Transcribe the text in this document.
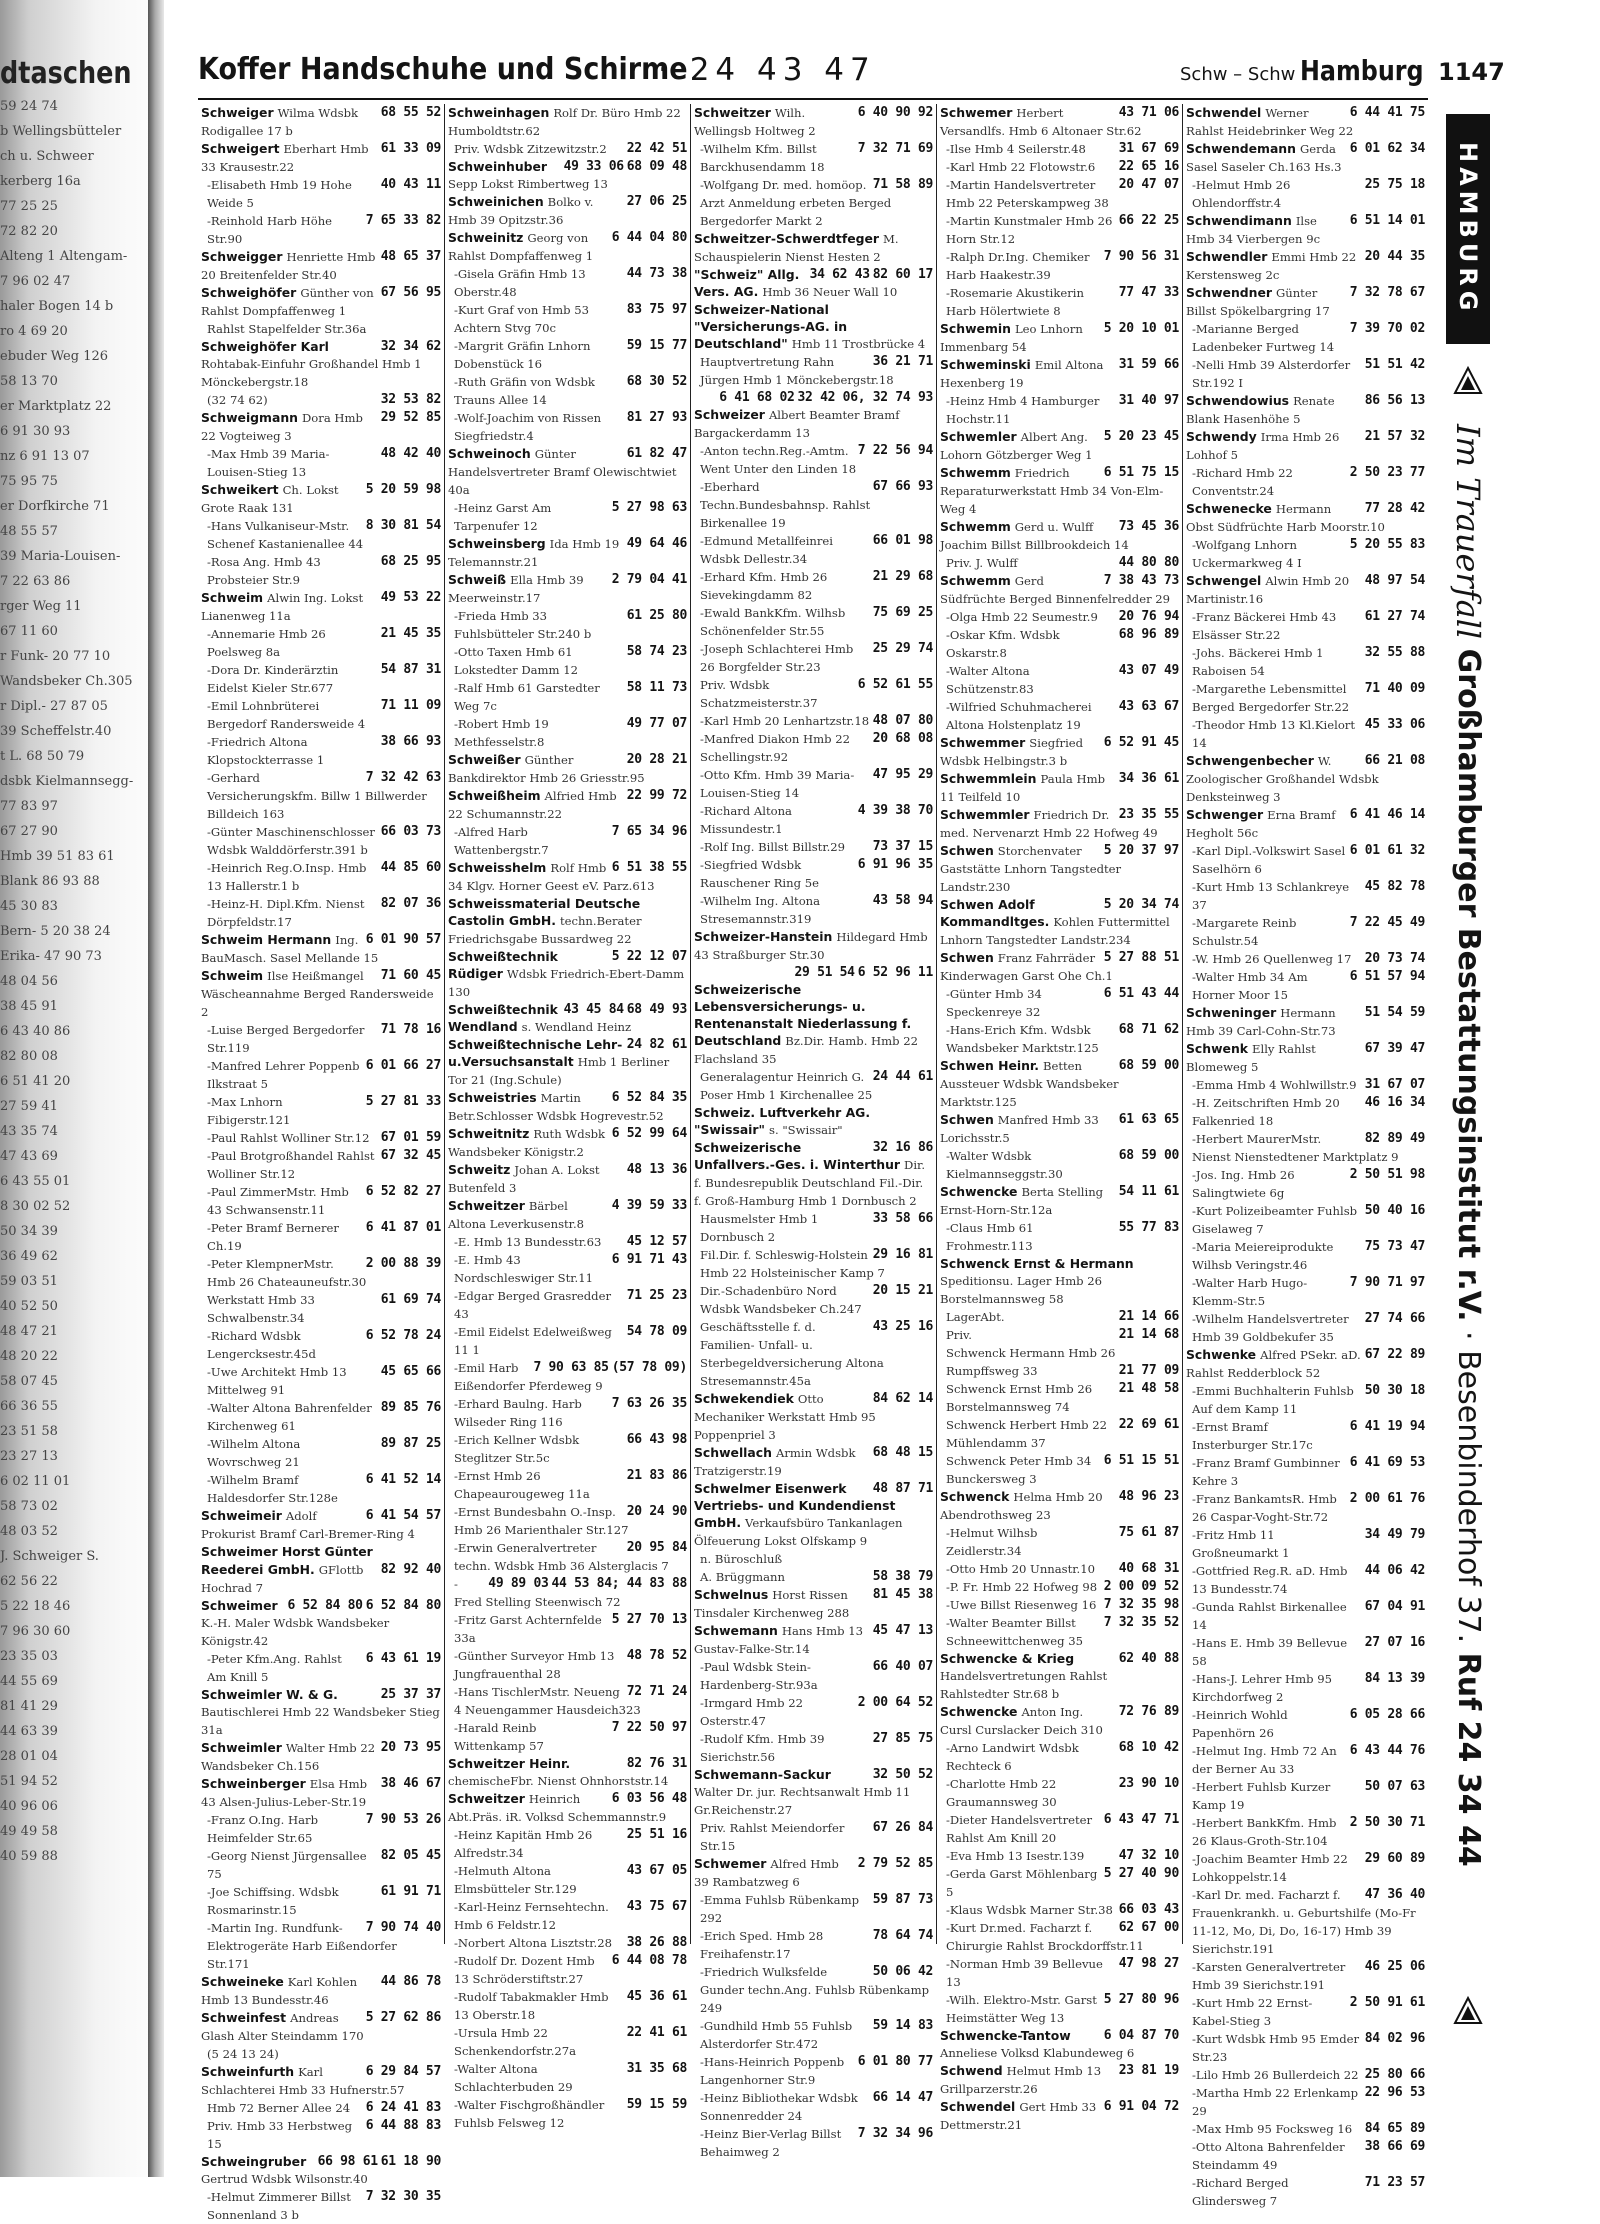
dtaschen
59 24 74
b Wellingsbütteler
ch u. Schweer
kerberg 16a
77 25 25
72 82 20
Alteng 1 Altengam-
7 96 02 47
haler Bogen 14 b
ro 4 69 20
ebuder Weg 126
58 13 70
er Marktplatz 22
6 91 30 93
nz 6 91 13 07
75 95 75
er Dorfkirche 71
48 55 57
39 Maria-Louisen-
7 22 63 86
rger Weg 11
67 11 60
r Funk- 20 77 10
Wandsbeker Ch.305
r Dipl.- 27 87 05
39 Scheffelstr.40
t L. 68 50 79
dsbk Kielmannsegg-
77 83 97
67 27 90
Hmb 39 51 83 61
Blank 86 93 88
45 30 83
Bern- 5 20 38 24
Erika- 47 90 73
48 04 56
38 45 91
6 43 40 86
82 80 08
6 51 41 20
27 59 41
43 35 74
47 43 69
6 43 55 01
8 30 02 52
50 34 39
36 49 62
59 03 51
40 52 50
48 47 21
48 20 22
58 07 45
66 36 55
23 51 58
23 27 13
6 02 11 01
58 73 02
48 03 52
J. Schweiger S.
62 56 22
5 22 18 46
7 96 30 60
23 35 03
44 55 69
81 41 29
44 63 39
28 01 04
51 94 52
40 96 06
49 49 58
40 59 88
Koffer Handschuhe und Schirme
· 24 43 47	Schw – Schw Hamburg 1147
68 55 52
Schweiger Wilma Wdsbk Rodigallee 17 b
61 33 09
Schweigert Eberhart Hmb 33 Krausestr.22
40 43 11
-Elisabeth Hmb 19 Hohe Weide 5
7 65 33 82
-Reinhold Harb Höhe Str.90
48 65 37
Schweigger Henriette Hmb 20 Breitenfelder Str.40
67 56 95
Schweighöfer Günther von Rahlst Dompfaffenweg 1
Rahlst Stapelfelder Str.36a
32 34 62
Schweighöfer Karl Rohtabak-Einfuhr Großhandel Hmb 1 Mönckebergstr.18
32 53 82
(32 74 62)
29 52 85
Schweigmann Dora Hmb 22 Vogteiweg 3
48 42 40
-Max Hmb 39 Maria-Louisen-Stieg 13
5 20 59 98
Schweikert Ch. Lokst Grote Raak 131
8 30 81 54
-Hans Vulkaniseur-Mstr. Schenef Kastanienallee 44
68 25 95
-Rosa Ang. Hmb 43 Probsteier Str.9
49 53 22
Schweim Alwin Ing. Lokst Lianenweg 11a
21 45 35
-Annemarie Hmb 26 Poelsweg 8a
54 87 31
-Dora Dr. Kinderärztin Eidelst Kieler Str.677
71 11 09
-Emil Lohnbrüterei Bergedorf Randersweide 4
38 66 93
-Friedrich Altona Klopstockterrasse 1
7 32 42 63
-Gerhard Versicherungskfm. Billw 1 Billwerder Billdeich 163
66 03 73
-Günter Maschinenschlosser Wdsbk Walddörferstr.391 b
44 85 60
-Heinrich Reg.O.Insp. Hmb 13 Hallerstr.1 b
82 07 36
-Heinz-H. Dipl.Kfm. Nienst Dörpfeldstr.17
6 01 90 57
Schweim Hermann Ing. BauMasch. Sasel Mellande 15
71 60 45
Schweim Ilse Heißmangel Wäscheannahme Berged Randersweide 2
71 78 16
-Luise Berged Bergedorfer Str.119
6 01 66 27
-Manfred Lehrer Poppenb Ilkstraat 5
5 27 81 33
-Max Lnhorn Fibigerstr.121
67 01 59
-Paul Rahlst Wolliner Str.12
67 32 45
-Paul Brotgroßhandel Rahlst Wolliner Str.12
6 52 82 27
-Paul ZimmerMstr. Hmb 43 Schwansenstr.11
6 41 87 01
-Peter Bramf Bernerer Ch.19
2 00 88 39
-Peter KlempnerMstr. Hmb 26 Chateauneufstr.30
61 69 74
Werkstatt Hmb 33 Schwalbenstr.34
6 52 78 24
-Richard Wdsbk Lengercksestr.45d
45 65 66
-Uwe Architekt Hmb 13 Mittelweg 91
89 85 76
-Walter Altona Bahrenfelder Kirchenweg 61
89 87 25
-Wilhelm Altona Wovrschweg 21
6 41 52 14
-Wilhelm Bramf Haldesdorfer Str.128e
6 41 54 57
Schweimeir Adolf Prokurist Bramf Carl-Bremer-Ring 4
Schweimer Horst Günter
82 92 40
Reederei GmbH. GFlottb Hochrad 7
6 52 84 80
6 52 84 80
Schweimer K.-H. Maler Wdsbk Wandsbeker Königstr.42
6 43 61 19
-Peter Kfm.Ang. Rahlst Am Knill 5
25 37 37
Schweimler W. & G. Bautischlerei Hmb 22 Wandsbeker Stieg 31a
20 73 95
Schweimler Walter Hmb 22 Wandsbeker Ch.156
38 46 67
Schweinberger Elsa Hmb 43 Alsen-Julius-Leber-Str.19
7 90 53 26
-Franz O.Ing. Harb Heimfelder Str.65
82 05 45
-Georg Nienst Jürgensallee 75
61 91 71
-Joe Schiffsing. Wdsbk Rosmarinstr.15
7 90 74 40
-Martin Ing. Rundfunk-Elektrogeräte Harb Eißendorfer Str.171
44 86 78
Schweineke Karl Kohlen Hmb 13 Bundesstr.46
5 27 62 86
Schweinfest Andreas Glash Alter Steindamm 170
(5 24 13 24)
6 29 84 57
Schweinfurth Karl Schlachterei Hmb 33 Hufnerstr.57
6 24 41 83
Hmb 72 Berner Allee 24
6 44 88 83
Priv. Hmb 33 Herbstweg 15
61 18 90
66 98 61
Schweingruber Gertrud Wdsbk Wilsonstr.40
7 32 30 35
-Helmut Zimmerer Billst Sonnenland 3 b
Schweinhagen Rolf Dr. Büro Hmb 22 Humboldtstr.62
22 42 51
Priv. Wdsbk Zitzewitzstr.2
68 09 48
49 33 06
Schweinhuber Sepp Lokst Rimbertweg 13
27 06 25
Schweinichen Bolko v. Hmb 39 Opitzstr.36
6 44 04 80
Schweinitz Georg von Rahlst Dompfaffenweg 1
44 73 38
-Gisela Gräfin Hmb 13 Oberstr.48
83 75 97
-Kurt Graf von Hmb 53 Achtern Stvg 70c
59 15 77
-Margrit Gräfin Lnhorn Dobenstück 16
68 30 52
-Ruth Gräfin von Wdsbk Trauns Allee 14
81 27 93
-Wolf-Joachim von Rissen Siegfriedstr.4
61 82 47
Schweinoch Günter Handelsvertreter Bramf Olewischtwiet 40a
5 27 98 63
-Heinz Garst Am Tarpenufer 12
49 64 46
Schweinsberg Ida Hmb 19 Telemannstr.21
2 79 04 41
Schweiß Ella Hmb 39 Meerweinstr.17
61 25 80
-Frieda Hmb 33 Fuhlsbütteler Str.240 b
58 74 23
-Otto Taxen Hmb 61 Lokstedter Damm 12
58 11 73
-Ralf Hmb 61 Garstedter Weg 7c
49 77 07
-Robert Hmb 19 Methfesselstr.8
20 28 21
Schweißer Günther Bankdirektor Hmb 26 Griesstr.95
22 99 72
Schweißheim Alfried Hmb 22 Schumannstr.22
7 65 34 96
-Alfred Harb Wattenbergstr.7
6 51 38 55
Schweisshelm Rolf Hmb 34 Klgv. Horner Geest eV. Parz.613
Schweissmaterial Deutsche Castolin GmbH. techn.Berater Friedrichsgabe Bussardweg 22
5 22 12 07
Schweißtechnik Rüdiger Wdsbk Friedrich-Ebert-Damm 130
68 49 93
43 45 84
Schweißtechnik Wendland s. Wendland Heinz
24 82 61
Schweißtechnische Lehr-u.Versuchsanstalt Hmb 1 Berliner Tor 21 (Ing.Schule)
6 52 84 35
Schweistries Martin Betr.Schlosser Wdsbk Hogrevestr.52
6 52 99 64
Schweitnitz Ruth Wdsbk Wandsbeker Königstr.2
48 13 36
Schweitz Johan A. Lokst Butenfeld 3
4 39 59 33
Schweitzer Bärbel Altona Leverkusenstr.8
45 12 57
-E. Hmb 13 Bundesstr.63
6 91 71 43
-E. Hmb 43 Nordschleswiger Str.11
71 25 23
-Edgar Berged Grasredder 43
54 78 09
-Emil Eidelst Edelweißweg 11 1
(57 78 09)
7 90 63 85
-Emil Harb Eißendorfer Pferdeweg 9
7 63 26 35
-Erhard Baulng. Harb Wilseder Ring 116
66 43 98
-Erich Kellner Wdsbk Steglitzer Str.5c
21 83 86
-Ernst Hmb 26 Chapeaurougeweg 11a
20 24 90
-Ernst Bundesbahn O.-Insp. Hmb 26 Marienthaler Str.127
20 95 84
-Erwin Generalvertreter techn. Wdsbk Hmb 36 Alsterglacis 7
44 53 84; 44 83 88
49 89 03
-Fred Stelling Steenwisch 72
5 27 70 13
-Fritz Garst Achternfelde 33a
48 78 52
-Günther Surveyor Hmb 13 Jungfrauenthal 28
72 71 24
-Hans TischlerMstr. Neueng 4 Neuengammer Hausdeich323
7 22 50 97
-Harald Reinb Wittenkamp 57
82 76 31
Schweitzer Heinr. chemischeFbr. Nienst Ohnhorststr.14
6 03 56 48
Schweitzer Heinrich Abt.Präs. iR. Volksd Schemmannstr.9
25 51 16
-Heinz Kapitän Hmb 26 Alfredstr.34
43 67 05
-Helmuth Altona Elmsbütteler Str.129
43 75 67
-Karl-Heinz Fernsehtechn. Hmb 6 Feldstr.12
38 26 88
-Norbert Altona Lisztstr.28
6 44 08 78
-Rudolf Dr. Dozent Hmb 13 Schröderstiftstr.27
45 36 61
-Rudolf Tabakmakler Hmb 13 Oberstr.18
22 41 61
-Ursula Hmb 22 Schenkendorfstr.27a
31 35 68
-Walter Altona Schlachterbuden 29
59 15 59
-Walter Fischgroßhändler Fuhlsb Felsweg 12
6 40 90 92
Schweitzer Wilh. Wellingsb Holtweg 2
7 32 71 69
-Wilhelm Kfm. Billst Barckhusendamm 18
71 58 89
-Wolfgang Dr. med. homöop. Arzt Anmeldung erbeten Berged Bergedorfer Markt 2
Schweitzer-Schwerdtfeger M. Schauspielerin Nienst Hesten 2
82 60 17
34 62 43
"Schweiz" Allg. Vers. AG. Hmb 36 Neuer Wall 10
Schweizer-National "Versicherungs-AG. in Deutschland" Hmb 11 Trostbrücke 4
36 21 71
Hauptvertretung Rahn Jürgen Hmb 1 Mönckebergstr.18
32 42 06, 32 74 93
6 41 68 02
Schweizer Albert Beamter Bramf Bargackerdamm 13
7 22 56 94
-Anton techn.Reg.-Amtm. Went Unter den Linden 18
67 66 93
-Eberhard Techn.Bundesbahnsp. Rahlst Birkenallee 19
66 01 98
-Edmund Metallfeinrei Wdsbk Dellestr.34
21 29 68
-Erhard Kfm. Hmb 26 Sievekingdamm 82
75 69 25
-Ewald BankKfm. Wilhsb Schönenfelder Str.55
25 29 74
-Joseph Schlachterei Hmb 26 Borgfelder Str.23
6 52 61 55
Priv. Wdsbk Schatzmeisterstr.37
48 07 80
-Karl Hmb 20 Lenhartzstr.18
20 68 08
-Manfred Diakon Hmb 22 Schellingstr.92
47 95 29
-Otto Kfm. Hmb 39 Maria-Louisen-Stieg 14
4 39 38 70
-Richard Altona Missundestr.1
73 37 15
-Rolf Ing. Billst Billstr.29
6 91 96 35
-Siegfried Wdsbk Rauschener Ring 5e
43 58 94
-Wilhelm Ing. Altona Stresemannstr.319
Schweizer-Hanstein Hildegard Hmb 43 Straßburger Str.30
6 52 96 11
29 51 54
Schweizerische Lebensversicherungs- u. Rentenanstalt Niederlassung f. Deutschland Bz.Dir. Hamb. Hmb 22 Flachsland 35
24 44 61
Generalagentur Heinrich G. Poser Hmb 1 Kirchenallee 25
Schweiz. Luftverkehr AG. "Swissair" s. "Swissair"
32 16 86
Schweizerische Unfallvers.-Ges. i. Winterthur Dir. f. Bundesrepublik Deutschland Fil.-Dir. f. Groß-Hamburg Hmb 1 Dornbusch 2
33 58 66
Hausmelster Hmb 1 Dornbusch 2
29 16 81
Fil.Dir. f. Schleswig-Holstein Hmb 22 Holsteinischer Kamp 7
20 15 21
Dir.-Schadenbüro Nord Wdsbk Wandsbeker Ch.247
43 25 16
Geschäftsstelle f. d. Familien- Unfall- u. Sterbegeldversicherung Altona Stresemannstr.45a
84 62 14
Schwekendiek Otto Mechaniker Werkstatt Hmb 95 Poppenpriel 3
68 48 15
Schwellach Armin Wdsbk Tratzigerstr.19
48 87 71
Schwelmer Eisenwerk Vertriebs- und Kundendienst GmbH. Verkaufsbüro Tankanlagen Ölfeuerung Lokst Olfskamp 9
n. Büroschluß
58 38 79
A. Brüggmann
81 45 38
Schwelnus Horst Rissen Tinsdaler Kirchenweg 288
45 47 13
Schwemann Hans Hmb 13 Gustav-Falke-Str.14
66 40 07
-Paul Wdsbk Stein-Hardenberg-Str.93a
2 00 64 52
-Irmgard Hmb 22 Osterstr.47
27 85 75
-Rudolf Kfm. Hmb 39 Sierichstr.56
32 50 52
Schwemann-Sackur Walter Dr. jur. Rechtsanwalt Hmb 11 Gr.Reichenstr.27
67 26 84
Priv. Rahlst Meiendorfer Str.15
2 79 52 85
Schwemer Alfred Hmb 39 Rambatzweg 6
59 87 73
-Emma Fuhlsb Rübenkamp 292
78 64 74
-Erich Sped. Hmb 28 Freihafenstr.17
50 06 42
-Friedrich Wulksfelde Gunder techn.Ang. Fuhlsb Rübenkamp 249
59 14 83
-Gundhild Hmb 55 Fuhlsb Alsterdorfer Str.472
6 01 80 77
-Hans-Heinrich Poppenb Langenhorner Str.9
66 14 47
-Heinz Bibliothekar Wdsbk Sonnenredder 24
7 32 34 96
-Heinz Bier-Verlag Billst Behaimweg 2
43 71 06
Schwemer Herbert Versandlfs. Hmb 6 Altonaer Str.62
31 67 69
-Ilse Hmb 4 Seilerstr.48
22 65 16
-Karl Hmb 22 Flotowstr.6
20 47 07
-Martin Handelsvertreter Hmb 22 Peterskampweg 38
66 22 25
-Martin Kunstmaler Hmb 26 Horn Str.12
7 90 56 31
-Ralph Dr.Ing. Chemiker Harb Haakestr.39
77 47 33
-Rosemarie Akustikerin Harb Hölertwiete 8
5 20 10 01
Schwemin Leo Lnhorn Immenbarg 54
31 59 66
Schweminski Emil Altona Hexenberg 19
31 40 97
-Heinz Hmb 4 Hamburger Hochstr.11
5 20 23 45
Schwemler Albert Ang. Lohorn Götzberger Weg 1
6 51 75 15
Schwemm Friedrich Reparaturwerkstatt Hmb 34 Von-Elm-Weg 4
73 45 36
Schwemm Gerd u. Wulff Joachim Billst Billbrookdeich 14
44 80 80
Priv. J. Wulff
7 38 43 73
Schwemm Gerd Südfrüchte Berged Binnenfelredder 29
20 76 94
-Olga Hmb 22 Seumestr.9
68 96 89
-Oskar Kfm. Wdsbk Oskarstr.8
43 07 49
-Walter Altona Schützenstr.83
43 63 67
-Wilfried Schuhmacherei Altona Holstenplatz 19
6 52 91 45
Schwemmer Siegfried Wdsbk Helbingstr.3 b
34 36 61
Schwemmlein Paula Hmb 11 Teilfeld 10
23 35 55
Schwemmler Friedrich Dr. med. Nervenarzt Hmb 22 Hofweg 49
5 20 37 97
Schwen Storchenvater Gaststätte Lnhorn Tangstedter Landstr.230
5 20 34 74
Schwen Adolf Kommandltges. Kohlen Futtermittel Lnhorn Tangstedter Landstr.234
5 27 88 51
Schwen Franz Fahrräder Kinderwagen Garst Ohe Ch.1
6 51 43 44
-Günter Hmb 34 Speckenreye 32
68 71 62
-Hans-Erich Kfm. Wdsbk Wandsbeker Marktstr.125
68 59 00
Schwen Heinr. Betten Aussteuer Wdsbk Wandsbeker Marktstr.125
61 63 65
Schwen Manfred Hmb 33 Lorichsstr.5
68 59 00
-Walter Wdsbk Kielmannseggstr.30
54 11 61
Schwencke Berta Stelling Ernst-Horn-Str.12a
55 77 83
-Claus Hmb 61 Frohmestr.113
Schwenck Ernst & Hermann Speditionsu. Lager Hmb 26 Borstelmannsweg 58
21 14 66
LagerAbt.
21 14 68
Priv.
Schwenck Hermann Hmb 26
21 77 09
Rumpffsweg 33
21 48 58
Schwenck Ernst Hmb 26 Borstelmannsweg 74
22 69 61
Schwenck Herbert Hmb 22 Mühlendamm 37
6 51 15 51
Schwenck Peter Hmb 34 Bunckersweg 3
48 96 23
Schwenck Helma Hmb 20 Abendrothsweg 23
75 61 87
-Helmut Wilhsb Zeidlerstr.34
40 68 31
-Otto Hmb 20 Unnastr.10
2 00 09 52
-P. Fr. Hmb 22 Hofweg 98
7 32 35 98
-Uwe Billst Riesenweg 16
7 32 35 52
-Walter Beamter Billst Schneewittchenweg 35
62 40 88
Schwencke & Krieg Handelsvertretungen Rahlst Rahlstedter Str.68 b
72 76 89
Schwencke Anton Ing. Cursl Curslacker Deich 310
68 10 42
-Arno Landwirt Wdsbk Rechteck 6
23 90 10
-Charlotte Hmb 22 Graumannsweg 30
6 43 47 71
-Dieter Handelsvertreter Rahlst Am Knill 20
47 32 10
-Eva Hmb 13 Isestr.139
5 27 40 90
-Gerda Garst Möhlenbarg 5
66 03 43
-Klaus Wdsbk Marner Str.38
62 67 00
-Kurt Dr.med. Facharzt f. Chirurgie Rahlst Brockdorffstr.11
47 98 27
-Norman Hmb 39 Bellevue 13
5 27 80 96
-Wilh. Elektro-Mstr. Garst Heimstätter Weg 13
6 04 87 70
Schwencke-Tantow Anneliese Volksd Klabundeweg 6
23 81 19
Schwend Helmut Hmb 13 Grillparzerstr.26
6 91 04 72
Schwendel Gert Hmb 33 Dettmerstr.21
6 44 41 75
Schwendel Werner Rahlst Heidebrinker Weg 22
6 01 62 34
Schwendemann Gerda Sasel Saseler Ch.163 Hs.3
25 75 18
-Helmut Hmb 26 Ohlendorffstr.4
6 51 14 01
Schwendimann Ilse Hmb 34 Vierbergen 9c
20 44 35
Schwendler Emmi Hmb 22 Kerstensweg 2c
7 32 78 67
Schwendner Günter Billst Spökelbargring 17
7 39 70 02
-Marianne Berged Ladenbeker Furtweg 14
51 51 42
-Nelli Hmb 39 Alsterdorfer Str.192 I
86 56 13
Schwendowius Renate Blank Hasenhöhe 5
21 57 32
Schwendy Irma Hmb 26 Lohhof 5
2 50 23 77
-Richard Hmb 22 Conventstr.24
77 28 42
Schwenecke Hermann Obst Südfrüchte Harb Moorstr.10
5 20 55 83
-Wolfgang Lnhorn Uckermarkweg 4 I
48 97 54
Schwengel Alwin Hmb 20 Martinistr.16
61 27 74
-Franz Bäckerei Hmb 43 Elsässer Str.22
32 55 88
-Johs. Bäckerei Hmb 1 Raboisen 54
71 40 09
-Margarethe Lebensmittel Berged Bergedorfer Str.22
45 33 06
-Theodor Hmb 13 Kl.Kielort 14
66 21 08
Schwengenbecher W. Zoologischer Großhandel Wdsbk Denksteinweg 3
6 41 46 14
Schwenger Erna Bramf Hegholt 56c
6 01 61 32
-Karl Dipl.-Volkswirt Sasel Saselhörn 6
45 82 78
-Kurt Hmb 13 Schlankreye 37
7 22 45 49
-Margarete Reinb Schulstr.54
20 73 74
-W. Hmb 26 Quellenweg 17
6 51 57 94
-Walter Hmb 34 Am Horner Moor 15
51 54 59
Schweninger Hermann Hmb 39 Carl-Cohn-Str.73
67 39 47
Schwenk Elly Rahlst Blomeweg 5
31 67 07
-Emma Hmb 4 Wohlwillstr.9
46 16 34
-H. Zeitschriften Hmb 20 Falkenried 18
82 89 49
-Herbert MaurerMstr. Nienst Nienstedtener Marktplatz 9
2 50 51 98
-Jos. Ing. Hmb 26 Salingtwiete 6g
50 40 16
-Kurt Polizeibeamter Fuhlsb Giselaweg 7
75 73 47
-Maria Meiereiprodukte Wilhsb Veringstr.46
7 90 71 97
-Walter Harb Hugo-Klemm-Str.5
27 74 66
-Wilhelm Handelsvertreter Hmb 39 Goldbekufer 35
67 22 89
Schwenke Alfred PSekr. aD. Rahlst Redderblock 52
50 30 18
-Emmi Buchhalterin Fuhlsb Auf dem Kamp 11
6 41 19 94
-Ernst Bramf Insterburger Str.17c
6 41 69 53
-Franz Bramf Gumbinner Kehre 3
2 00 61 76
-Franz BankamtsR. Hmb 26 Caspar-Voght-Str.72
34 49 79
-Fritz Hmb 11 Großneumarkt 1
44 06 42
-Gottfried Reg.R. aD. Hmb 13 Bundesstr.74
67 04 91
-Gunda Rahlst Birkenallee 14
27 07 16
-Hans E. Hmb 39 Bellevue 58
84 13 39
-Hans-J. Lehrer Hmb 95 Kirchdorfweg 2
6 05 28 66
-Heinrich Wohld Papenhörn 26
6 43 44 76
-Helmut Ing. Hmb 72 An der Berner Au 33
50 07 63
-Herbert Fuhlsb Kurzer Kamp 19
2 50 30 71
-Herbert BankKfm. Hmb 26 Klaus-Groth-Str.104
29 60 89
-Joachim Beamter Hmb 22 Lohkoppelstr.14
47 36 40
-Karl Dr. med. Facharzt f. Frauenkrankh. u. Geburtshilfe (Mo-Fr 11-12, Mo, Di, Do, 16-17) Hmb 39 Sierichstr.191
46 25 06
-Karsten Generalvertreter Hmb 39 Sierichstr.191
2 50 91 61
-Kurt Hmb 22 Ernst-Kabel-Stieg 3
84 02 96
-Kurt Wdsbk Hmb 95 Emder Str.23
25 80 66
-Lilo Hmb 26 Bullerdeich 22
22 96 53
-Martha Hmb 22 Erlenkamp 29
84 65 89
-Max Hmb 95 Focksweg 16
38 66 69
-Otto Altona Bahrenfelder Steindamm 49
71 23 57
-Richard Berged Glindersweg 7
HAMBURG
Im Trauerfall Großhamburger Bestattungsinstitut r.V. · Besenbinderhof 37. Ruf 24 34 44
